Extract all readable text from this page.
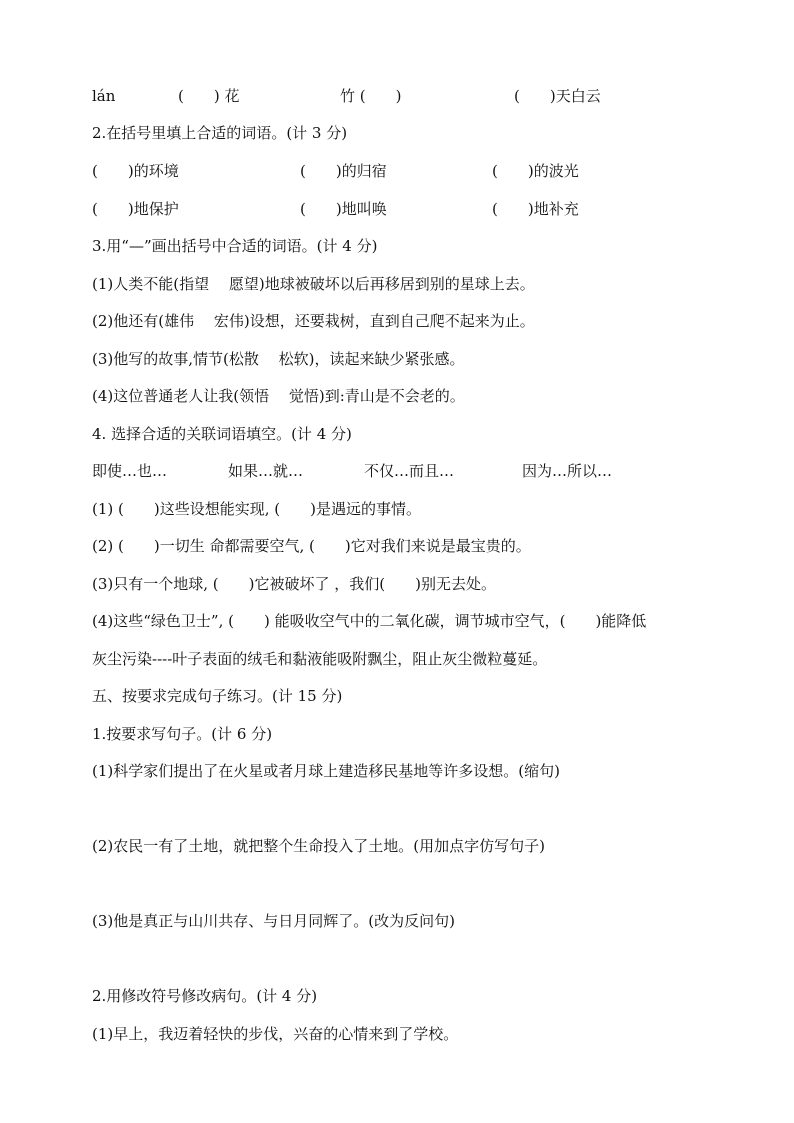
lán	(　　) 花	竹 (　　)	(　　)天白云
2.在括号里填上合适的词语。(计 3 分)
(　　)的环境	(　　)的归宿	(　　)的波光
(　　)地保护	(　　)地叫唤	(　　)地补充
3.用“—”画出括号中合适的词语。(计 4 分)
(1)人类不能(指望　 愿望)地球被破坏以后再移居到别的星球上去。
(2)他还有(雄伟　 宏伟)设想，还要栽树，直到自己爬不起来为止。
(3)他写的故事,情节(松散　 松软)，读起来缺少紧张感。
(4)这位普通老人让我(领悟　 觉悟)到:青山是不会老的。
4. 选择合适的关联词语填空。(计 4 分)
即使…也…	如果…就…	不仅…而且…	因为…所以…
(1) (　　)这些设想能实现, (　　)是遇远的事情。
(2) (　　)一切生 命都需要空气, (　　)它对我们来说是最宝贵的。
(3)只有一个地球, (　　)它被破坏了 ，我们(　　)别无去处。
(4)这些“绿色卫士”, (　　) 能吸收空气中的二氧化碳，调节城市空气，(　　)能降低
灰尘污染----叶子表面的绒毛和黏液能吸附飘尘，阻止灰尘微粒蔓延。
五、按要求完成句子练习。(计 15 分)
1.按要求写句子。(计 6 分)
(1)科学家们提出了在火星或者月球上建造移民基地等许多设想。(缩句)
(2)农民一有了土地，就把整个生命投入了土地。(用加点字仿写句子)
(3)他是真正与山川共存、与日月同辉了。(改为反问句)
2.用修改符号修改病句。(计 4 分)
(1)早上，我迈着轻快的步伐，兴奋的心情来到了学校。
